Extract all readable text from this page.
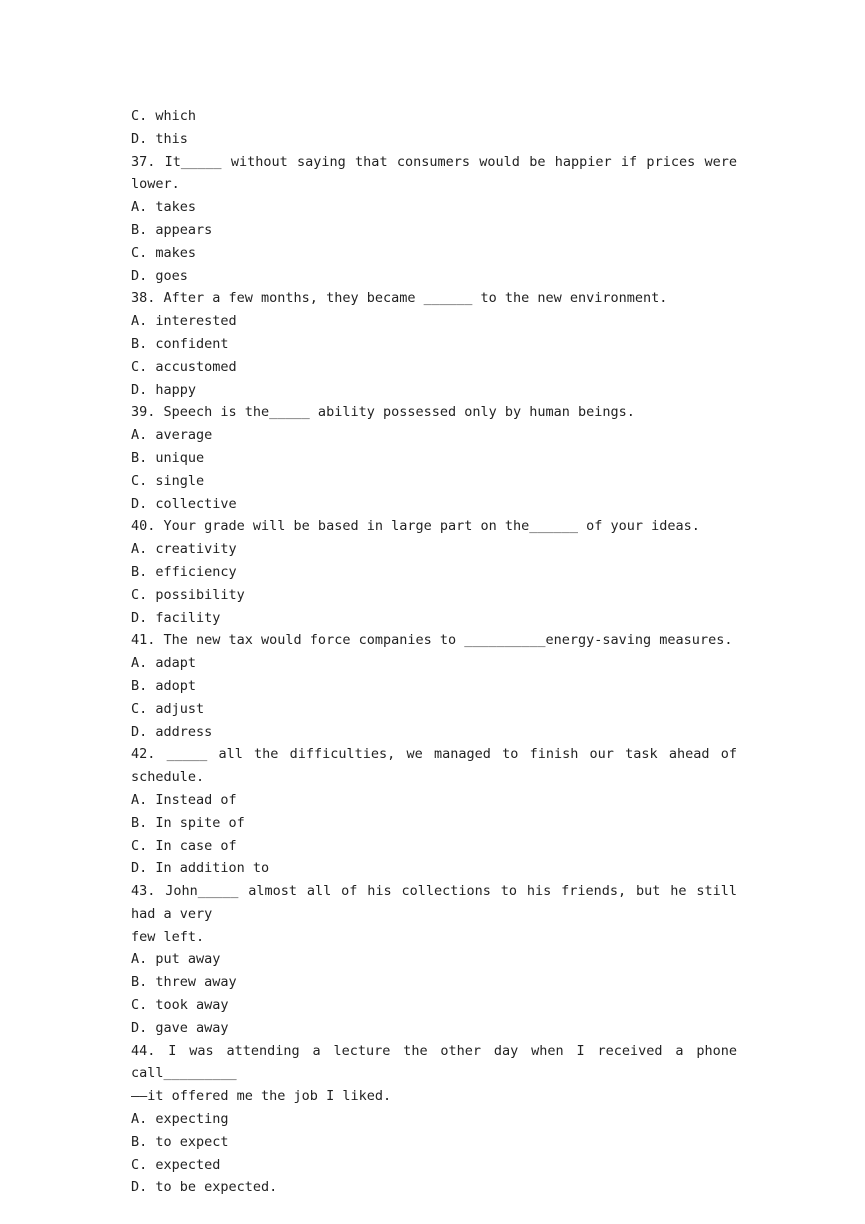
C. which
D. this
37. It_____ without saying that consumers would be happier if prices were lower.
A. takes
B. appears
C. makes
D. goes
38. After a few months, they became ______ to the new environment.
A. interested
B. confident
C. accustomed
D. happy
39. Speech is the_____ ability possessed only by human beings.
A. average
B. unique
C. single
D. collective
40. Your grade will be based in large part on the______ of your ideas.
A. creativity
B. efficiency
C. possibility
D. facility
41. The new tax would force companies to __________energy-saving measures.
A. adapt
B. adopt
C. adjust
D. address
42. _____ all the difficulties, we managed to finish our task ahead of schedule.
A. Instead of
B. In spite of
C. In case of
D. In addition to
43. John_____ almost all of his collections to his friends, but he still had a very
few left.
A. put away
B. threw away
C. took away
D. gave away
44. I was attending a lecture the other day when I received a phone call_________
——it offered me the job I liked.
A. expecting
B. to expect
C. expected
D. to be expected.
